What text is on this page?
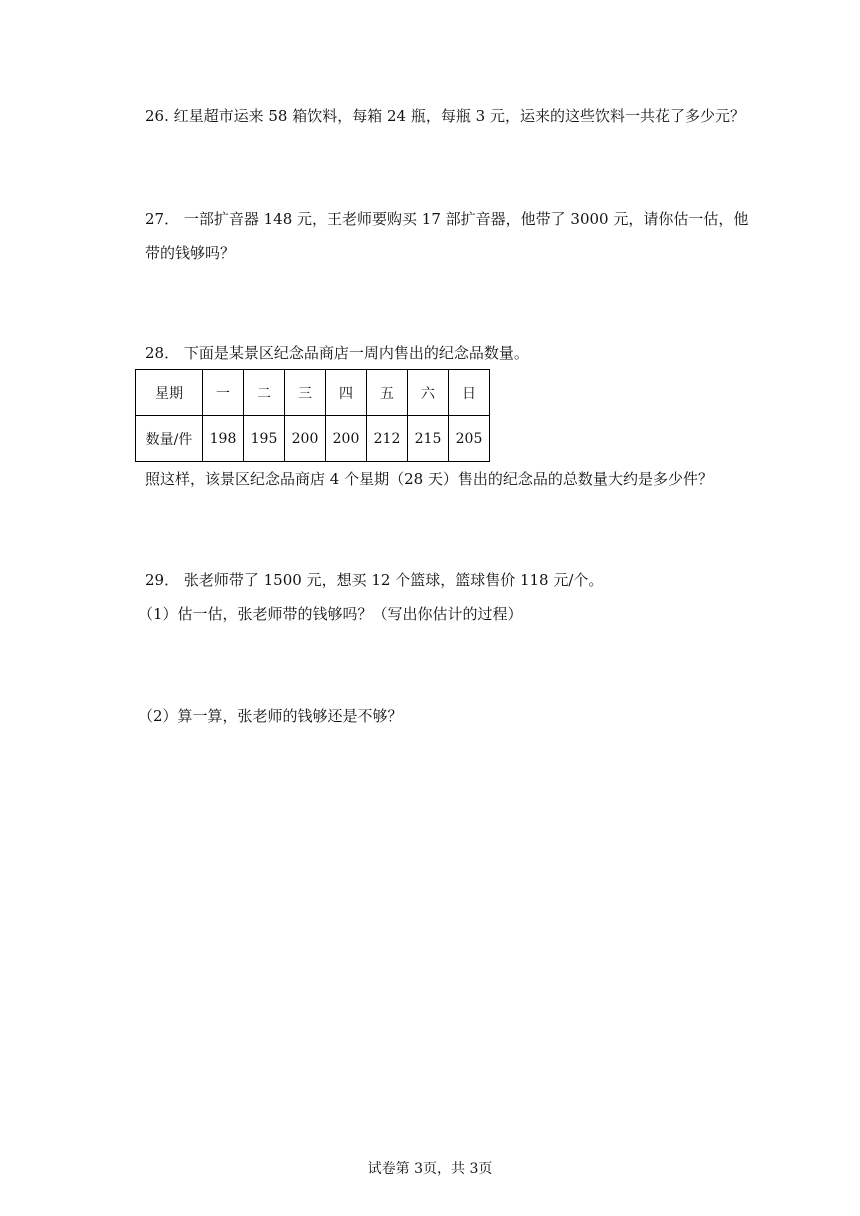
26. 红星超市运来 58 箱饮料，每箱 24 瓶，每瓶 3 元，运来的这些饮料一共花了多少元？
27． 一部扩音器 148 元，王老师要购买 17 部扩音器，他带了 3000 元，请你估一估，他
带的钱够吗？
28． 下面是某景区纪念品商店一周内售出的纪念品数量。
星期	一	二	三	四	五	六	日
数量/件	198	195	200	200	212	215	205
照这样，该景区纪念品商店 4 个星期（28 天）售出的纪念品的总数量大约是多少件？
29． 张老师带了 1500 元，想买 12 个篮球，篮球售价 118 元/个。
（1）估一估，张老师带的钱够吗？（写出你估计的过程）
（2）算一算，张老师的钱够还是不够？
试卷第 3页，共 3页
